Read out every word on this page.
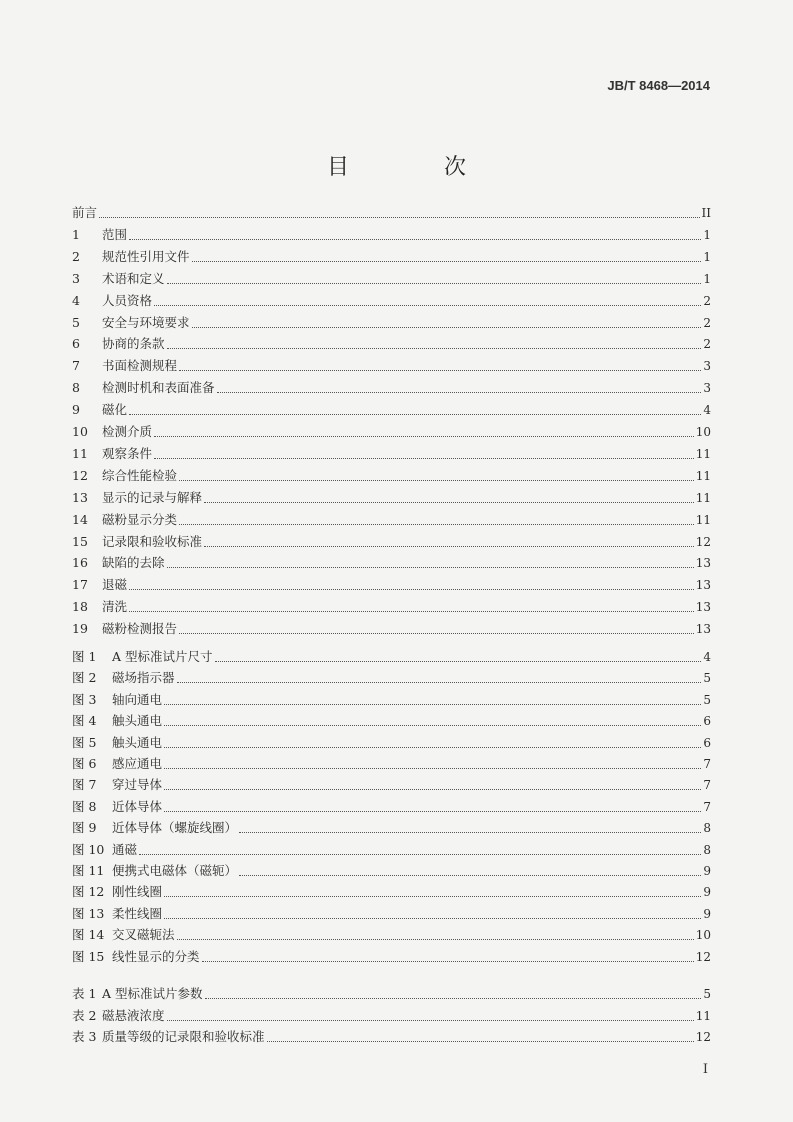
JB/T 8468—2014
目 次
前言	II
1	范围	1
2	规范性引用文件	1
3	术语和定义	1
4	人员资格	2
5	安全与环境要求	2
6	协商的条款	2
7	书面检测规程	3
8	检测时机和表面准备	3
9	磁化	4
10	检测介质	10
11	观察条件	11
12	综合性能检验	11
13	显示的记录与解释	11
14	磁粉显示分类	11
15	记录限和验收标准	12
16	缺陷的去除	13
17	退磁	13
18	清洗	13
19	磁粉检测报告	13
图 1	A 型标准试片尺寸	4
图 2	磁场指示器	5
图 3	轴向通电	5
图 4	触头通电	6
图 5	触头通电	6
图 6	感应通电	7
图 7	穿过导体	7
图 8	近体导体	7
图 9	近体导体（螺旋线圈）	8
图 10 通磁	8
图 11 便携式电磁体（磁轭）	9
图 12 刚性线圈	9
图 13 柔性线圈	9
图 14 交叉磁轭法	10
图 15 线性显示的分类	12
表 1 A 型标准试片参数	5
表 2 磁悬液浓度	11
表 3 质量等级的记录限和验收标准	12
I
